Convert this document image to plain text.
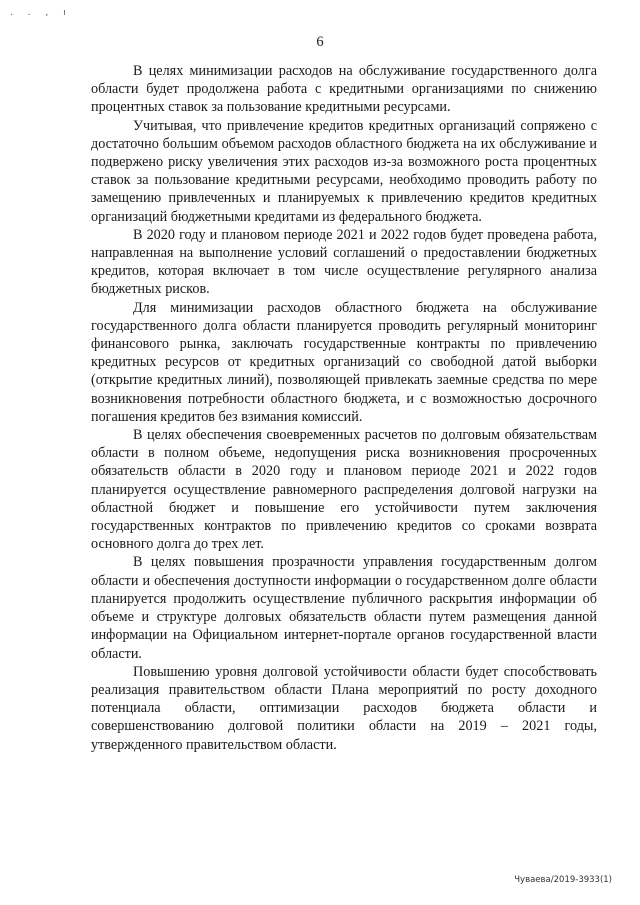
. . , ı
6

В целях минимизации расходов на обслуживание государственного долга области будет продолжена работа с кредитными организациями по снижению процентных ставок за пользование кредитными ресурсами.

Учитывая, что привлечение кредитов кредитных организаций сопряжено с достаточно большим объемом расходов областного бюджета на их обслуживание и подвержено риску увеличения этих расходов из-за возможного роста процентных ставок за пользование кредитными ресурсами, необходимо проводить работу по замещению привлеченных и планируемых к привлечению кредитов кредитных организаций бюджетными кредитами из федерального бюджета.

В 2020 году и плановом периоде 2021 и 2022 годов будет проведена работа, направленная на выполнение условий соглашений о предоставлении бюджетных кредитов, которая включает в том числе осуществление регулярного анализа бюджетных рисков.

Для минимизации расходов областного бюджета на обслуживание государственного долга области планируется проводить регулярный мониторинг финансового рынка, заключать государственные контракты по привлечению кредитных ресурсов от кредитных организаций со свободной датой выборки (открытие кредитных линий), позволяющей привлекать заемные средства по мере возникновения потребности областного бюджета, и с возможностью досрочного погашения кредитов без взимания комиссий.

В целях обеспечения своевременных расчетов по долговым обязательствам области в полном объеме, недопущения риска возникновения просроченных обязательств области в 2020 году и плановом периоде 2021 и 2022 годов планируется осуществление равномерного распределения долговой нагрузки на областной бюджет и повышение его устойчивости путем заключения государственных контрактов по привлечению кредитов со сроками возврата основного долга до трех лет.

В целях повышения прозрачности управления государственным долгом области и обеспечения доступности информации о государственном долге области планируется продолжить осуществление публичного раскрытия информации об объеме и структуре долговых обязательств области путем размещения данной информации на Официальном интернет-портале органов государственной власти области.

Повышению уровня долговой устойчивости области будет способствовать реализация правительством области Плана мероприятий по росту доходного потенциала области, оптимизации расходов бюджета области и совершенствованию долговой политики области на 2019 – 2021 годы, утвержденного правительством области.

Чуваева/2019-3933(1)
